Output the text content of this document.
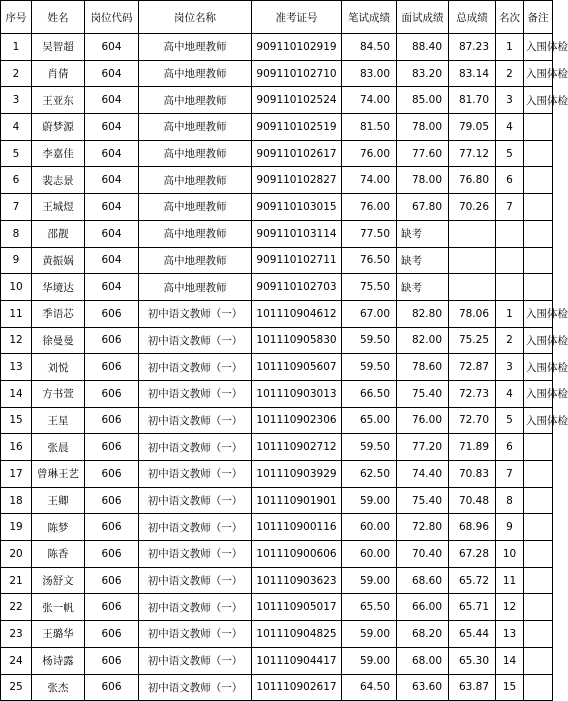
序号	姓名	岗位代码	岗位名称	准考证号	笔试成绩	面试成绩	总成绩	名次	备注
1	吴智超	604	高中地理教师	909110102919	84.50	88.40	87.23	1	入围体检
2	肖倩	604	高中地理教师	909110102710	83.00	83.20	83.14	2	入围体检
3	王亚东	604	高中地理教师	909110102524	74.00	85.00	81.70	3	入围体检
4	蔚梦源	604	高中地理教师	909110102519	81.50	78.00	79.05	4	
5	李嘉佳	604	高中地理教师	909110102617	76.00	77.60	77.12	5	
6	裴志景	604	高中地理教师	909110102827	74.00	78.00	76.80	6	
7	王城煜	604	高中地理教师	909110103015	76.00	67.80	70.26	7	
8	邵靓	604	高中地理教师	909110103114	77.50	缺考			
9	黄振娲	604	高中地理教师	909110102711	76.50	缺考			
10	华境达	604	高中地理教师	909110102703	75.50	缺考			
11	季语芯	606	初中语文教师（一）	101110904612	67.00	82.80	78.06	1	入围体检
12	徐曼曼	606	初中语文教师（一）	101110905830	59.50	82.00	75.25	2	入围体检
13	刘悦	606	初中语文教师（一）	101110905607	59.50	78.60	72.87	3	入围体检
14	方书萱	606	初中语文教师（一）	101110903013	66.50	75.40	72.73	4	入围体检
15	王星	606	初中语文教师（一）	101110902306	65.00	76.00	72.70	5	入围体检
16	张晨	606	初中语文教师（一）	101110902712	59.50	77.20	71.89	6	
17	曾琳王艺	606	初中语文教师（一）	101110903929	62.50	74.40	70.83	7	
18	王卿	606	初中语文教师（一）	101110901901	59.00	75.40	70.48	8	
19	陈梦	606	初中语文教师（一）	101110900116	60.00	72.80	68.96	9	
20	陈香	606	初中语文教师（一）	101110900606	60.00	70.40	67.28	10	
21	汤舒文	606	初中语文教师（一）	101110903623	59.00	68.60	65.72	11	
22	张一帆	606	初中语文教师（一）	101110905017	65.50	66.00	65.71	12	
23	王璐华	606	初中语文教师（一）	101110904825	59.00	68.20	65.44	13	
24	杨诗露	606	初中语文教师（一）	101110904417	59.00	68.00	65.30	14	
25	张杰	606	初中语文教师（一）	101110902617	64.50	63.60	63.87	15	
